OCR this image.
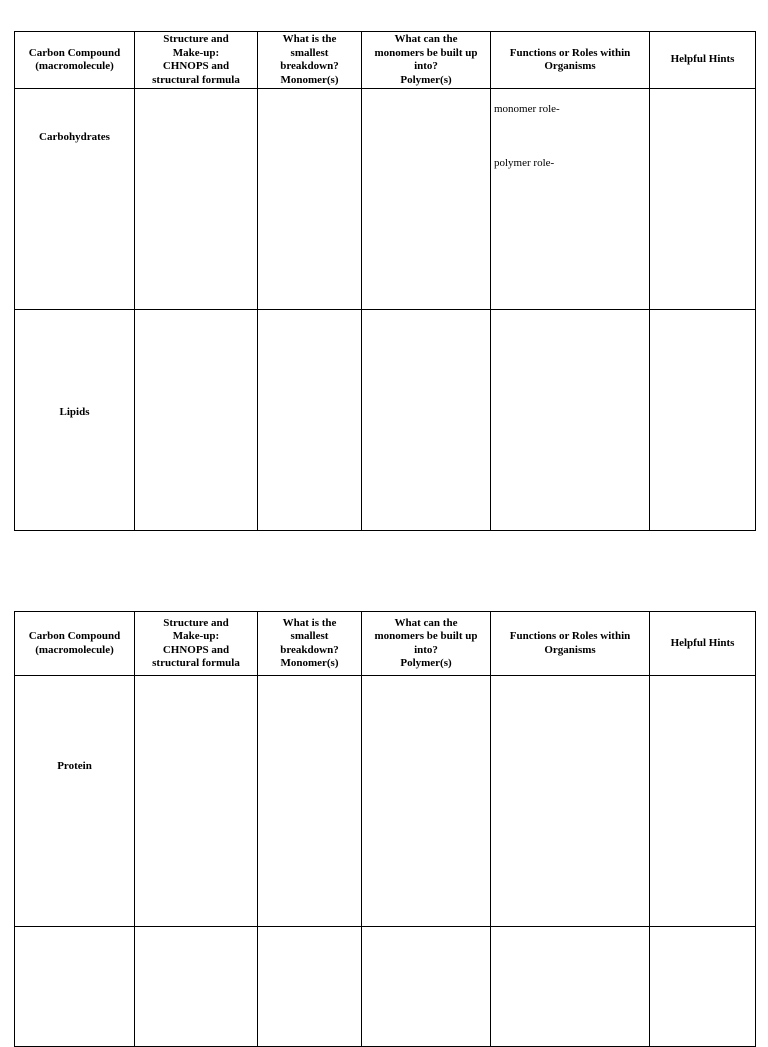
Carbon Compound
(macromolecule)	Structure and
Make-up:
CHNOPS and
structural formula	What is the
smallest
breakdown?
Monomer(s)	What can the
monomers be built up
into?
Polymer(s)	Functions or Roles within
Organisms	Helpful Hints

Carbohydrates				monomer role-
polymer role-	

Lipids					
Carbon Compound
(macromolecule)	Structure and
Make-up:
CHNOPS and
structural formula	What is the
smallest
breakdown?
Monomer(s)	What can the
monomers be built up
into?
Polymer(s)	Functions or Roles within
Organisms	Helpful Hints

Protein					
